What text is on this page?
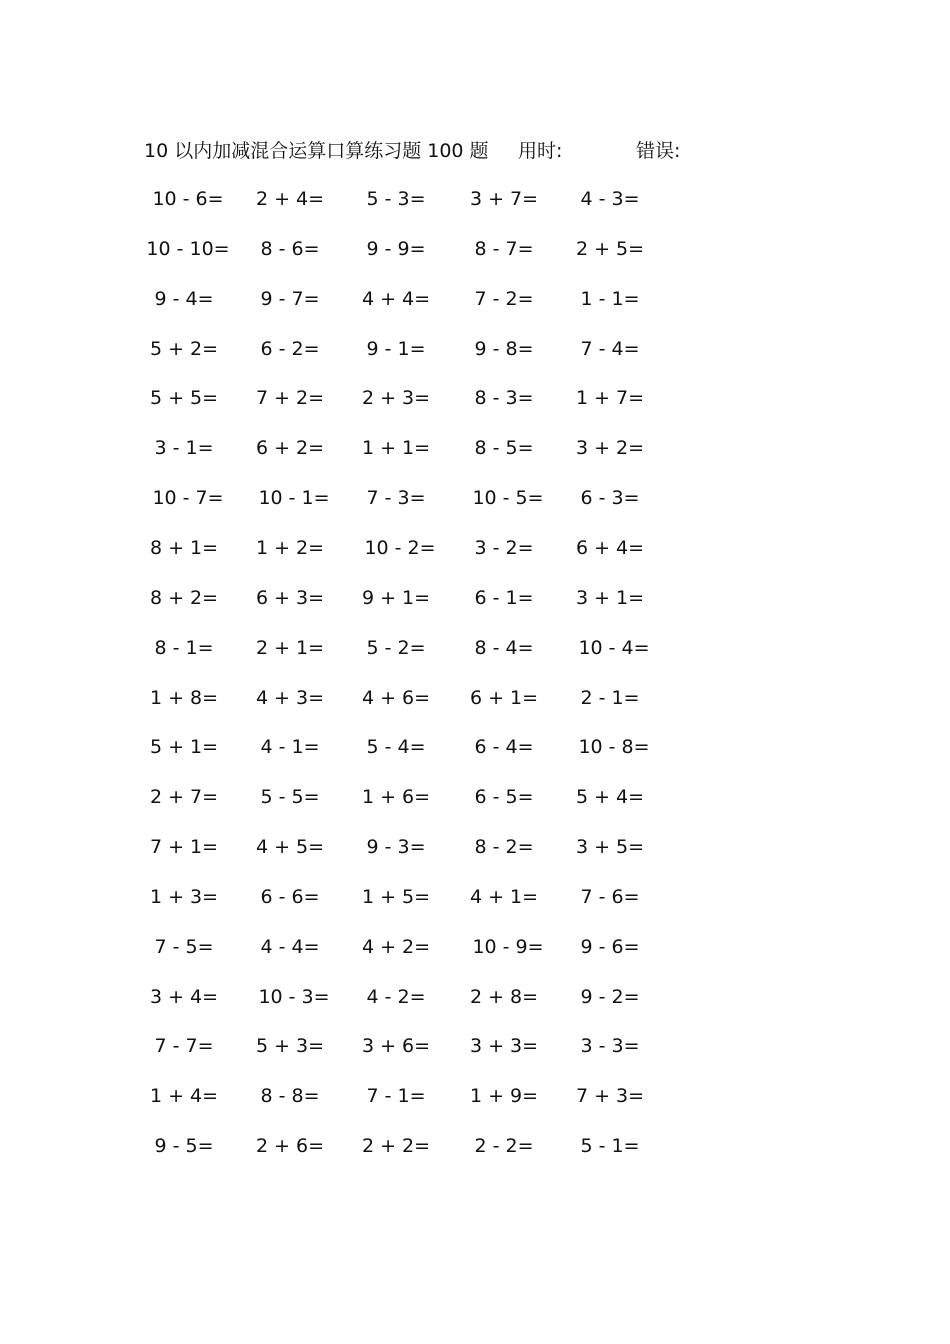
10 以内加减混合运算口算练习题 100 题 用时:	错误:
10 - 6=	2 + 4=	5 - 3=	3 + 7=	4 - 3=
10 - 10=	8 - 6=	9 - 9=	8 - 7=	2 + 5=
9 - 4=	9 - 7=	4 + 4=	7 - 2=	1 - 1=
5 + 2=	6 - 2=	9 - 1=	9 - 8=	7 - 4=
5 + 5=	7 + 2=	2 + 3=	8 - 3=	1 + 7=
3 - 1=	6 + 2=	1 + 1=	8 - 5=	3 + 2=
10 - 7=	10 - 1=	7 - 3=	10 - 5=	6 - 3=
8 + 1=	1 + 2=	10 - 2=	3 - 2=	6 + 4=
8 + 2=	6 + 3=	9 + 1=	6 - 1=	3 + 1=
8 - 1=	2 + 1=	5 - 2=	8 - 4=	10 - 4=
1 + 8=	4 + 3=	4 + 6=	6 + 1=	2 - 1=
5 + 1=	4 - 1=	5 - 4=	6 - 4=	10 - 8=
2 + 7=	5 - 5=	1 + 6=	6 - 5=	5 + 4=
7 + 1=	4 + 5=	9 - 3=	8 - 2=	3 + 5=
1 + 3=	6 - 6=	1 + 5=	4 + 1=	7 - 6=
7 - 5=	4 - 4=	4 + 2=	10 - 9=	9 - 6=
3 + 4=	10 - 3=	4 - 2=	2 + 8=	9 - 2=
7 - 7=	5 + 3=	3 + 6=	3 + 3=	3 - 3=
1 + 4=	8 - 8=	7 - 1=	1 + 9=	7 + 3=
9 - 5=	2 + 6=	2 + 2=	2 - 2=	5 - 1=
